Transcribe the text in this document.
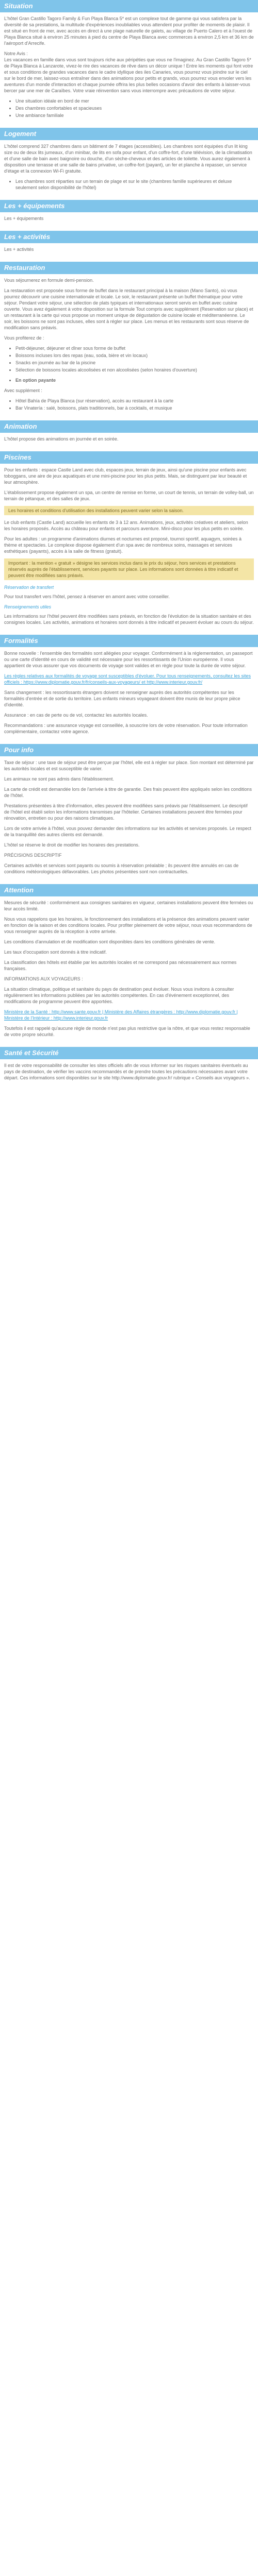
Situation

L'hôtel Gran Castillo Tagoro Family & Fun Playa Blanca 5* est un complexe tout de gamme qui vous satisfera par la diversité de sa prestations, la multitude d'expériences inoubliables vous attendent pour profiter de moments de plaisir. Il est situé en front de mer, avec accès en direct à une plage naturelle de galets, au village de Puerto Calero et à l'ouest de Playa Blanca situé à environ 25 minutes à pied du centre de Playa Blanca avec commerces à environ 2,5 km et 36 km de l'aéroport d'Arrecife.

Notre Avis :
Les vacances en famille dans vous sont toujours riche aux péripéties que vous ne l'imaginez. Au Gran Castillo Tagoro 5* de Playa Blanca à Lanzarote, vivez-le rire des vacances de rêve dans un décor unique ! Entre les moments qui font votre et sous conditions de grandes vacances dans le cadre idyllique des iles Canaries, vous pourrez vous joindre sur le ciel sur le bord de mer, laissez-vous entraîner dans des animations pour petits et grands, vous pourrez vous envoler vers les aventures d'un monde d'interaction et chaque journée offrira les plus belles occasions d'avoir des enfants à laisser-vous bercer par une mer de Caraïbes. Votre vraie réinvention sans vous interrompre avec précautions de votre séjour.

• Une situation idéale en bord de mer
• Des chambres confortables et spacieuses
• Une ambiance familiale
Logement

L'hôtel comprend 327 chambres dans un bâtiment de 7 étages (accessibles). Les chambres sont équipées d'un lit king size ou de deux lits jumeaux, d'un minibar, de lits en sofa pour enfant, d'un coffre-fort, d'une télévision, de la climatisation et d'une salle de bain avec baignoire ou douche, d'un sèche-cheveux et des articles de toilette. Vous aurez également à disposition une terrasse et une salle de bains privative, un coffre-fort (payant), un fer et planche à repasser, un service d'étage et la connexion Wi-Fi gratuite.

• Les chambres sont réparties sur un terrain de plage et sur le site (chambres famille supérieures et deluxe seulement selon disponibilité de l'hôtel)
Les + équipements

Les + équipements

Les + activités

Les + activités

Restauration

Vous séjournerez en formule demi-pension.

La restauration est proposée sous forme de buffet dans le restaurant principal à la maison (Mano Santo), où vous pourrez découvrir une cuisine internationale et locale. Le soir, le restaurant présente un buffet thématique pour votre séjour. Pendant votre séjour, une sélection de plats typiques et internationaux seront servis en buffet avec cuisine ouverte. Vous avez également à votre disposition sur la formule Tout compris avec supplément (Reservation sur place) et un restaurant à la carte qui vous propose un moment unique de dégustation de cuisine locale et méditerranéenne. Le soir, les boissons ne sont pas incluses, elles sont à régler sur place. Les menus et les restaurants sont sous réserve de modification sans préavis.

Vous profiterez de :

• Petit-déjeuner, déjeuner et dîner sous forme de buffet
• Boissons incluses lors des repas (eau, soda, bière et vin locaux)
• Snacks en journée au bar de la piscine
• Sélection de boissons locales alcoolisées et non alcoolisées (selon horaires d'ouverture)
• En option payante

Avec supplément :

• Hôtel Bahía de Playa Blanca (sur réservation), accès au restaurant à la carte
• Bar Vinatería : salé, boissons, plats traditionnels, bar à cocktails, et musique
Animation

L'hôtel propose des animations en journée et en soirée.

Piscines

Pour les enfants : espace Castle Land avec club, espaces jeux, terrain de jeux, ainsi qu'une piscine pour enfants avec toboggans, une aire de jeux aquatiques et une mini-piscine pour les plus petits. Mais, se distinguent par leur beauté et leur atmosphère.

L'établissement propose également un spa, un centre de remise en forme, un court de tennis, un terrain de volley-ball, un terrain de pétanque, et des salles de jeux.

Les horaires et conditions d'utilisation des installations peuvent varier selon la saison.

Le club enfants (Castle Land) accueille les enfants de 3 à 12 ans. Animations, jeux, activités créatives et ateliers, selon les horaires proposés. Accès au château pour enfants et parcours aventure. Mini-disco pour les plus petits en soirée.

Pour les adultes : un programme d'animations diurnes et nocturnes est proposé, tournoi sportif, aquagym, soirées à thème et spectacles. Le complexe dispose également d'un spa avec de nombreux soins, massages et services esthétiques (payants), accès à la salle de fitness (gratuit).

Important : la mention « gratuit » désigne les services inclus dans le prix du séjour, hors services et prestations réservés auprès de l'établissement, services payants sur place. Les informations sont données à titre indicatif et peuvent être modifiées sans préavis.

Réservation de transfert

Pour tout transfert vers l'hôtel, pensez à réserver en amont avec votre conseiller.

Renseignements utiles

Les informations sur l'hôtel peuvent être modifiées sans préavis, en fonction de l'évolution de la situation sanitaire et des consignes locales. Les activités, animations et horaires sont donnés à titre indicatif et peuvent évoluer au cours du séjour.

Formalités

Bonne nouvelle : l'ensemble des formalités sont allégées pour voyager. Conformément à la réglementation, un passeport ou une carte d'identité en cours de validité est nécessaire pour les ressortissants de l'Union européenne. Il vous appartient de vous assurer que vos documents de voyage sont valides et en règle pour toute la durée de votre séjour.

Les règles relatives aux formalités de voyage sont susceptibles d'évoluer. Pour tous renseignements, consultez les sites officiels : https://www.diplomatie.gouv.fr/fr/conseils-aux-voyageurs/ et http://www.interieur.gouv.fr/

Sans changement : les ressortissants étrangers doivent se renseigner auprès des autorités compétentes sur les formalités d'entrée et de sortie du territoire. Les enfants mineurs voyageant doivent être munis de leur propre pièce d'identité.

Assurance : en cas de perte ou de vol, contactez les autorités locales.

Recommandations : une assurance voyage est conseillée, à souscrire lors de votre réservation. Pour toute information complémentaire, contactez votre agence.

Pour info

Taxe de séjour : une taxe de séjour peut être perçue par l'hôtel, elle est à régler sur place. Son montant est déterminé par les autorités locales et est susceptible de varier.

Les animaux ne sont pas admis dans l'établissement.

La carte de crédit est demandée lors de l'arrivée à titre de garantie. Des frais peuvent être appliqués selon les conditions de l'hôtel.

Prestations présentées à titre d'information, elles peuvent être modifiées sans préavis par l'établissement. Le descriptif de l'hôtel est établi selon les informations transmises par l'hôtelier. Certaines installations peuvent être fermées pour rénovation, entretien ou pour des raisons climatiques.

Lors de votre arrivée à l'hôtel, vous pouvez demander des informations sur les activités et services proposés. Le respect de la tranquillité des autres clients est demandé.

L'hôtel se réserve le droit de modifier les horaires des prestations.

PRÉCISIONS DESCRIPTIF

Certaines activités et services sont payants ou soumis à réservation préalable ; ils peuvent être annulés en cas de conditions météorologiques défavorables. Les photos présentées sont non contractuelles.

Attention

Mesures de sécurité : conformément aux consignes sanitaires en vigueur, certaines installations peuvent être fermées ou leur accès limité.

Nous vous rappelons que les horaires, le fonctionnement des installations et la présence des animations peuvent varier en fonction de la saison et des conditions locales. Pour profiter pleinement de votre séjour, nous vous recommandons de vous renseigner auprès de la réception à votre arrivée.

Les conditions d'annulation et de modification sont disponibles dans les conditions générales de vente.

Les taux d'occupation sont donnés à titre indicatif.

La classification des hôtels est établie par les autorités locales et ne correspond pas nécessairement aux normes françaises.

INFORMATIONS AUX VOYAGEURS :

La situation climatique, politique et sanitaire du pays de destination peut évoluer. Nous vous invitons à consulter régulièrement les informations publiées par les autorités compétentes. En cas d'événement exceptionnel, des modifications de programme peuvent être apportées.

Ministère de la Santé : http://www.sante.gouv.fr | Ministère des Affaires étrangères : http://www.diplomatie.gouv.fr | Ministère de l'Intérieur : http://www.interieur.gouv.fr

Toutefois il est rappelé qu'aucune règle de monde n'est pas plus restrictive que la nôtre, et que vous restez responsable de votre propre sécurité.

Santé et Sécurité

Il est de votre responsabilité de consulter les sites officiels afin de vous informer sur les risques sanitaires éventuels au pays de destination, de vérifier les vaccins recommandés et de prendre toutes les précautions nécessaires avant votre départ. Ces informations sont disponibles sur le site http://www.diplomatie.gouv.fr/ rubrique « Conseils aux voyageurs ».
